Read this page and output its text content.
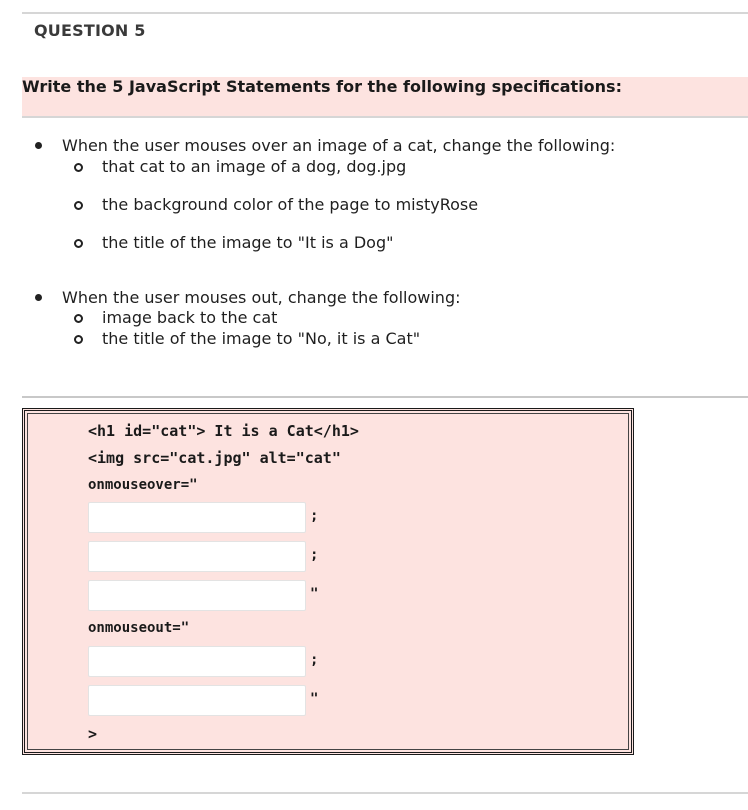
QUESTION 5
Write the 5 JavaScript Statements for the following specifications:
When the user mouses over an image of a cat, change the following:
that cat to an image of a dog, dog.jpg
the background color of the page to mistyRose
the title of the image to "It is a Dog"
When the user mouses out, change the following:
image back to the cat
the title of the image to "No, it is a Cat"
<h1 id="cat"> It is a Cat</h1>
<img src="cat.jpg" alt="cat"
onmouseover="
;
;
"
onmouseout="
;
"
>
